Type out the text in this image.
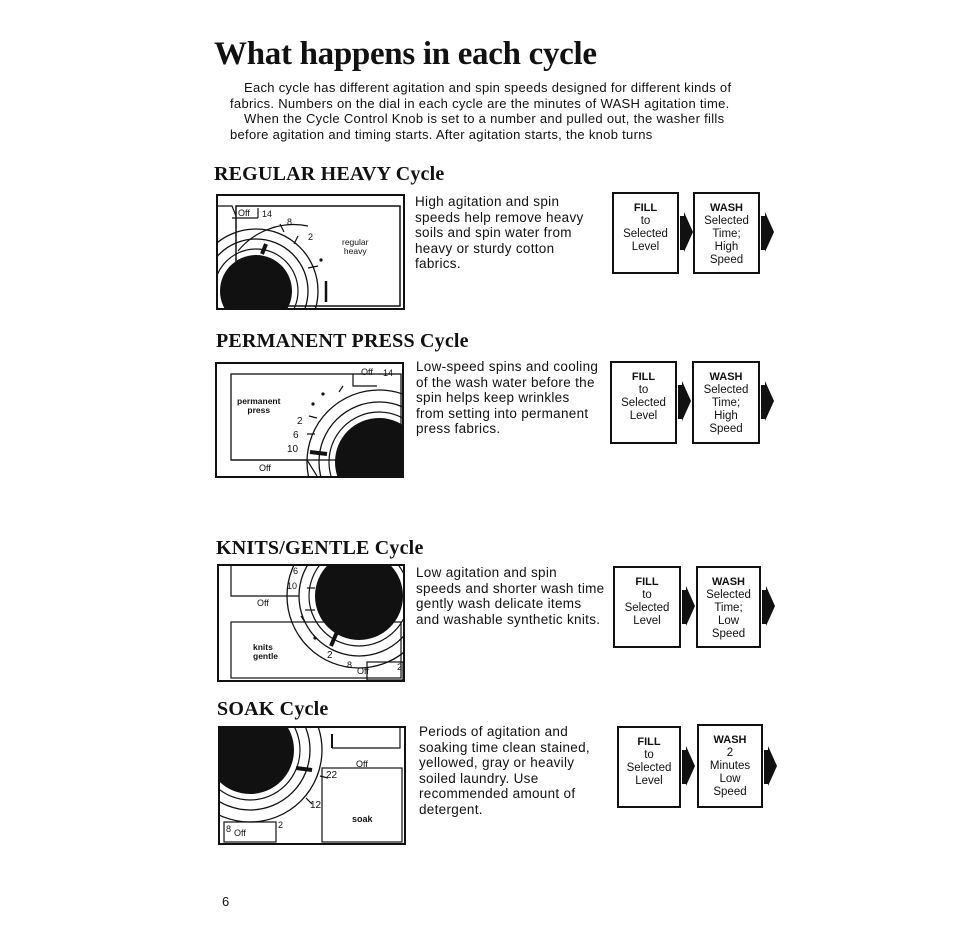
What happens in each cycle

Each cycle has different agitation and spin speeds designed for different kinds of fabrics. Numbers on the dial in each cycle are the minutes of WASH agitation time.

When the Cycle Control Knob is set to a number and pulled out, the washer fills before agitation and timing starts. After agitation starts, the knob turns

REGULAR HEAVY Cycle
Off 14
8
2	regular
heavy

High agitation and spin speeds help remove heavy soils and spin water from heavy or sturdy cotton fabrics.

FILL
to
Selected
Level
WASH
Selected
Time;
High
Speed
PERMANENT PRESS Cycle
Off 14
2
6
10
Off
permanent
press

Low-speed spins and cooling of the wash water before the spin helps keep wrinkles from setting into permanent press fabrics.

FILL
to
Selected
Level
WASH
Selected
Time;
High
Speed
KNITS/GENTLE Cycle
6
10
Off
2
8
Off	2
knits
gentle

Low agitation and spin speeds and shorter wash time gently wash delicate items and washable synthetic knits.

FILL
to
Selected
Level
WASH
Selected
Time;
Low
Speed
SOAK Cycle
Off
22
12
8 Off
2
soak

Periods of agitation and soaking time clean stained, yellowed, gray or heavily soiled laundry. Use recommended amount of detergent.

FILL
to
Selected
Level
WASH
2
Minutes
Low
Speed

6
